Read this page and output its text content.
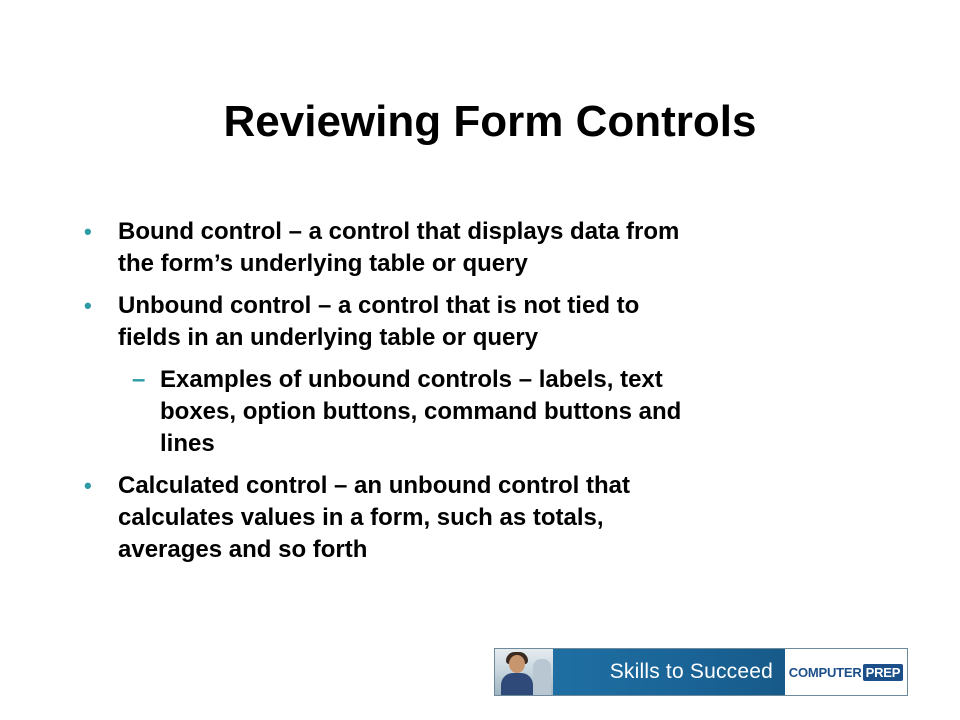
Reviewing Form Controls
• Bound control – a control that displays data from
the form’s underlying table or query
• Unbound control – a control that is not tied to
fields in an underlying table or query
– Examples of unbound controls – labels, text
boxes, option buttons, command buttons and
lines
• Calculated control – an unbound control that
calculates values in a form, such as totals,
averages and so forth
Skills to Succeed COMPUTER PREP
